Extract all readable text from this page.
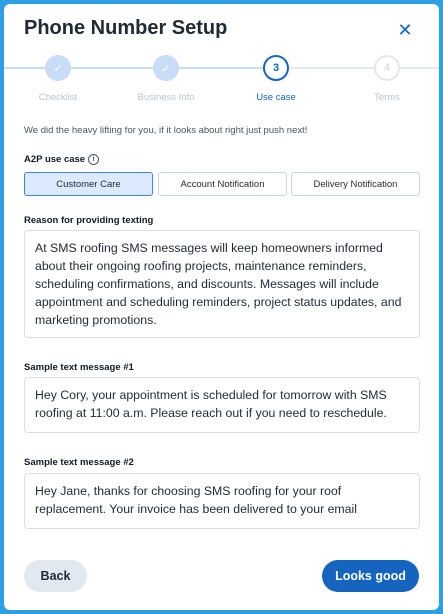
Phone Number Setup	✕
✓
Checklist
✓
Business Info
3
Use case
4
Terms
We did the heavy lifting for you, if it looks about right just push next!
A2P use case	i
Customer Care	Account Notification	Delivery Notification
Reason for providing texting
At SMS roofing SMS messages will keep homeowners informed about their ongoing roofing projects, maintenance reminders, scheduling confirmations, and discounts. Messages will include appointment and scheduling reminders, project status updates, and marketing promotions.
Sample text message #1
Hey Cory, your appointment is scheduled for tomorrow with SMS roofing at 11:00 a.m. Please reach out if you need to reschedule.
Sample text message #2
Hey Jane, thanks for choosing SMS roofing for your roof replacement. Your invoice has been delivered to your email
Back	Looks good
